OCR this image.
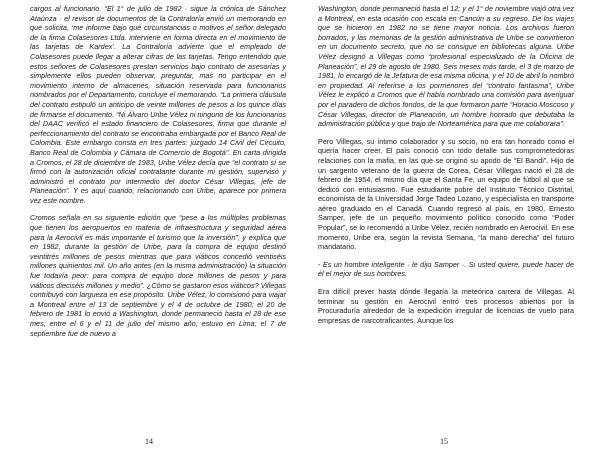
cargos al funcionario. “El 1° de julio de 1982 · sigue la crónica de Sánchez Ataúnza · el revisor de documentos de la Contraloría envió un memorando en que solicita, ‘me informe bajo qué circunstancias o motivos el señor delegado de la firma Colasesores Ltda. interviene en forma directa en el movimiento de las tarjetas de Kardex’. La Contraloría advierte que el empleado de Colasesores puede llegar a alterar cifras de las tarjetas. Tengo entendido que estos señores de Colasesores prestan servicios bajo contrato de asesorías y simplemente ellos pueden observar, preguntar, mas no participar en el movimiento interno de almacenes, situación reservada para funcionarios nombrados por el Departamento, concluye el memorando. “La primera cláusula del contrato estipuló un anticipo de veinte millones de pesos a los quince días de firmarse el documento. “Ni Álvaro Uribe Vélez ni ninguno de los funcionarios del DAAC verificó el estado financiero de Colasesores, firma que durante el perfeccionamiento del contrato se encontraba embargada por el Banco Real de Colombia. Este embargo consta en tres partes: juzgado 14 Civil del Circuito, Banco Real de Colombia y Cámara de Comercio de Bogotá”. En carta dirigida a Cromos, el 28 de diciembre de 1983, Uribe Vélez decía que “el contrato sí se firmó con la autorización oficial contratante durante mi gestión, supervisó y administró el contrato por intermedio del doctor César Villegas, jefe de Planeación”. Y es aquí cuando, relacionando con Uribe, aparece por primera vez este nombre.

Cromos señala en su siguiente edición que “pese a los múltiples problemas que tienen los aeropuertos en materia de infraestructura y seguridad aérea para la Aerocivil es más importante el turismo que la inversión”, y explica que en 1982, durante la gestión de Uribe, para la compra de equipo destinó veintitrés millones de pesos mientras que para viáticos concedió veintiséis millones quinientos mil. Un año antes (en la misma administración) la situación fue todavía peor: para compra de equipo doce millones de pesos y para viáticos dieciséis millones y medio”. ¿Cómo se gastaron esos viáticos? Villegas contribuyó con largueza en ese propósito. Uribe Vélez, lo comisionó para viajar a Montreal entre el 13 de septiembre y el 4 de octubre de 1980; el 20 de febrero de 1981 lo envió a Washington, donde permaneció hasta el 28 de ese mes; entre el 6 y el 11 de julio del mismo año, estuvo en Lima; el 7 de septiembre fue de nuevo a

14

Washington, donde permaneció hasta el 12; y el 1° de noviembre viajó otra vez a Montreal, en esta ocasión con escala en Cancún a su regreso. De los viajes que se hicieron en 1982 no se tiene mayor noticia. Los archivos fueron borrados, y las memorias de la gestión administrativa de Uribe se convirtieron en un documento secreto, que no se consigue en bibliotecas alguna. Uribe Vélez designó a Villegas como “profesional especializado de la Oficina de Planeación”, el 29 de agosto de 1980. Seis meses más tarde, el 3 de marzo de 1981, lo encargó de la Jefatura de esa misma oficina, y el 10 de abril lo nombró en propiedad. Al referirse a los pormenores del “contrato fantasma”, Uribe Vélez le explicó a Cromos que él había nombrado una comisión para averiguar por el paradero de dichos fondos, de la que formaron parte “Horacio Moscoso y César Villegas, director de Planeación, un hombre honrado que debutaba la administración pública y que trajo de Norteamérica para que me colaborara”.

Pero Villegas, su íntimo colaborador y su socio, no era tan honrado como el quería hacer creer. El país conoció con todo detalle sus comprometedoras relaciones con la mafia, en las que se originó su apodo de “El Bandi”. Hijo de un sargento veterano de la guerra de Corea, César Villegas nació el 28 de febrero de 1954, el mismo día que el Santa Fe, un equipo de fútbol al que se dedicó con entusiasmo. Fue estudiante pobre del Instituto Técnico Distrital, economista de la Universidad Jorge Tadeo Lozano, y especialista en transporte aéreo graduado en el Canadá. Cuando regresó al país, en 1980, Ernesto Samper, jefe de un pequeño movimiento político conocido como “Poder Popular”, se lo recomendó a Uribe Vélez, recién nombrado en Aerocivil. En ese momento, Uribe era, según la revista Semana, “la mano derecha” del futuro mandatario.

- Es un hombre inteligente · le dijo Samper ·. Si usted quiere, puede hacer de él el mejor de sus hombres.

Era difícil prever hasta dónde llegaría la meteórica carrera de Villegas. Al terminar su gestión en Aerocivil entró tres procesos abiertos por la Procuraduría alrededor de la expedición irregular de licencias de vuelo para empresas de narcotraficantes. Aunque los

15
